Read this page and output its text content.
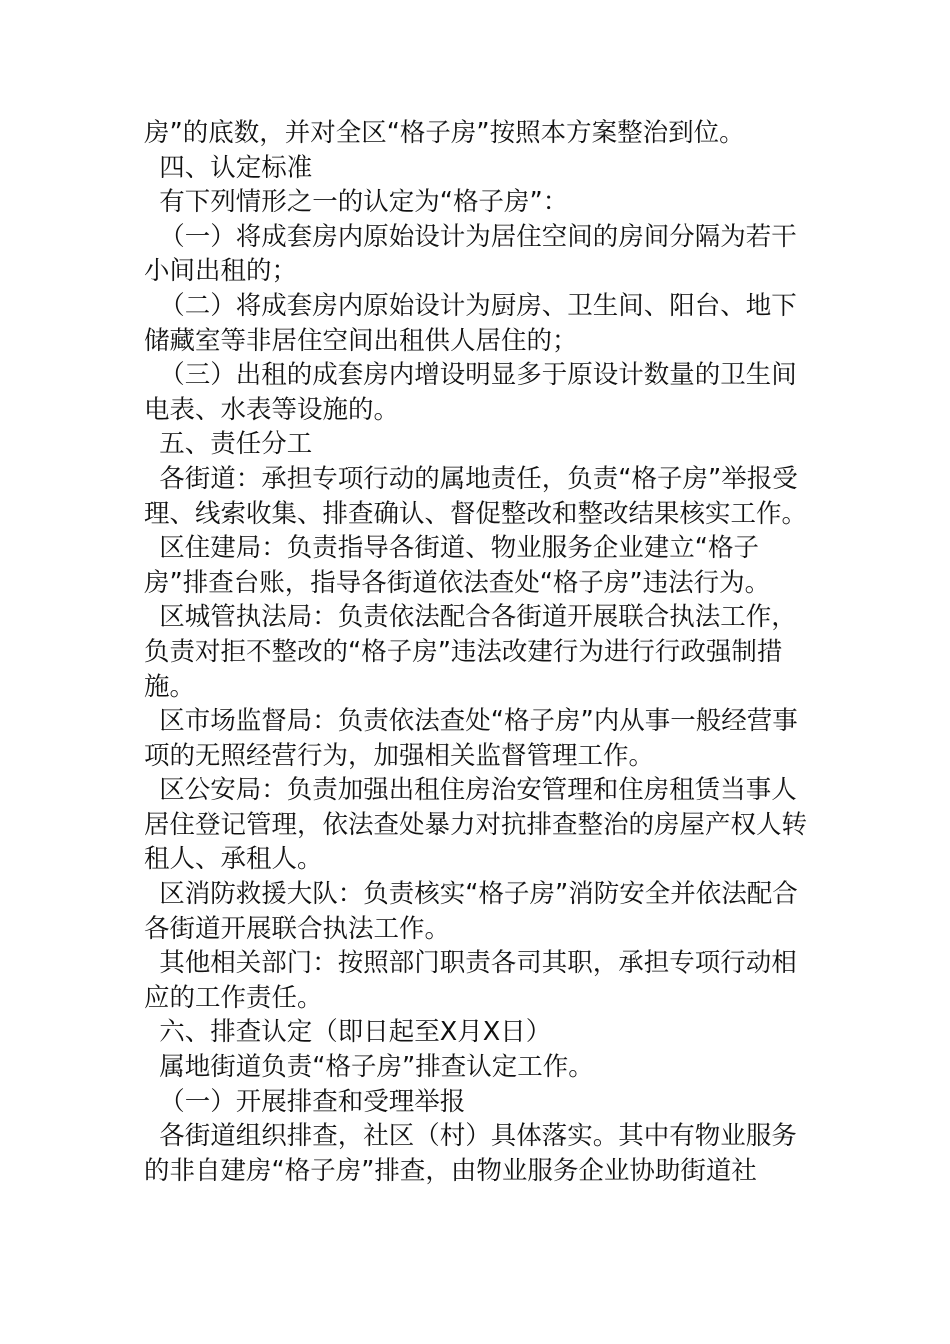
房”的底数，并对全区“格子房”按照本方案整治到位。

四、认定标准

有下列情形之一的认定为“格子房”：

（一）将成套房内原始设计为居住空间的房间分隔为若干小间出租的；

（二）将成套房内原始设计为厨房、卫生间、阳台、地下储藏室等非居住空间出租供人居住的；

（三）出租的成套房内增设明显多于原设计数量的卫生间电表、水表等设施的。

五、责任分工

各街道：承担专项行动的属地责任，负责“格子房”举报受理、线索收集、排查确认、督促整改和整改结果核实工作。

区住建局：负责指导各街道、物业服务企业建立“格子房”排查台账，指导各街道依法查处“格子房”违法行为。

区城管执法局：负责依法配合各街道开展联合执法工作，负责对拒不整改的“格子房”违法改建行为进行行政强制措施。

区市场监督局：负责依法查处“格子房”内从事一般经营事项的无照经营行为，加强相关监督管理工作。

区公安局：负责加强出租住房治安管理和住房租赁当事人居住登记管理，依法查处暴力对抗排查整治的房屋产权人转租人、承租人。

区消防救援大队：负责核实“格子房”消防安全并依法配合各街道开展联合执法工作。

其他相关部门：按照部门职责各司其职，承担专项行动相应的工作责任。

六、排查认定（即日起至X月X日）

属地街道负责“格子房”排查认定工作。

（一）开展排查和受理举报

各街道组织排查，社区（村）具体落实。其中有物业服务的非自建房“格子房”排查，由物业服务企业协助街道社
